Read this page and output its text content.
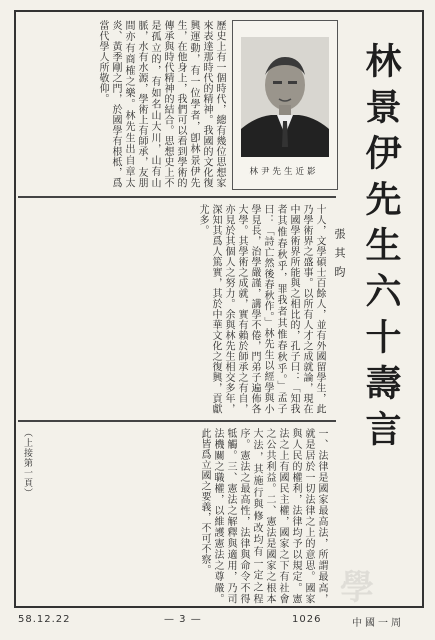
林景伊先生六十壽言
張其昀
林尹先生近影
歷史上有一個時代，總有幾位思想家來表達那時代的精神。我國的文化復興運動，有一位學者，卽林景伊先生，在他身上，我們可以看到學術的傳承與時代精神的結合。思想史上不是孤立的，有如名山大川，山有山脈，水有水源，學術上有師承，友朋間亦有商榷之樂。林先生出自章太炎、黃季剛之門，於國學有根柢，爲當代學人所敬仰。
十人，文學碩士百餘人，並有外國留學生，此乃學術界之盛事。以所有人才之成就論，現在中國學術界所能與之相比的，孔子曰：「知我者其惟春秋乎，罪我者其惟春秋乎。」孟子曰：「詩亡然後春秋作。」林先生以經學與小學見長，治學嚴謹，講學不倦，門弟子遍佈各大學。其學術之成就，實有賴於師承之有自，亦見於其個人之努力。余與林先生相交多年，深知其爲人篤實，其於中華文化之復興，貢獻尤多。
一、法律是國家最高法，所謂最高，就是居於一切法律之上的意思。國家與人民的權利，法律均予以規定。憲法之上有國民主權，國家之下有社會之公共利益。二、憲法是國家之根本大法，其施行與修改均有一定之程序。憲法之最高性，法律與命令不得牴觸。三、憲法之解釋與適用，乃司法機關之職權，以維護憲法之尊嚴。此皆爲立國之要義，不可不察。
（上接第一頁）
學
58.12.22	— 3 —	1026	中國一周
